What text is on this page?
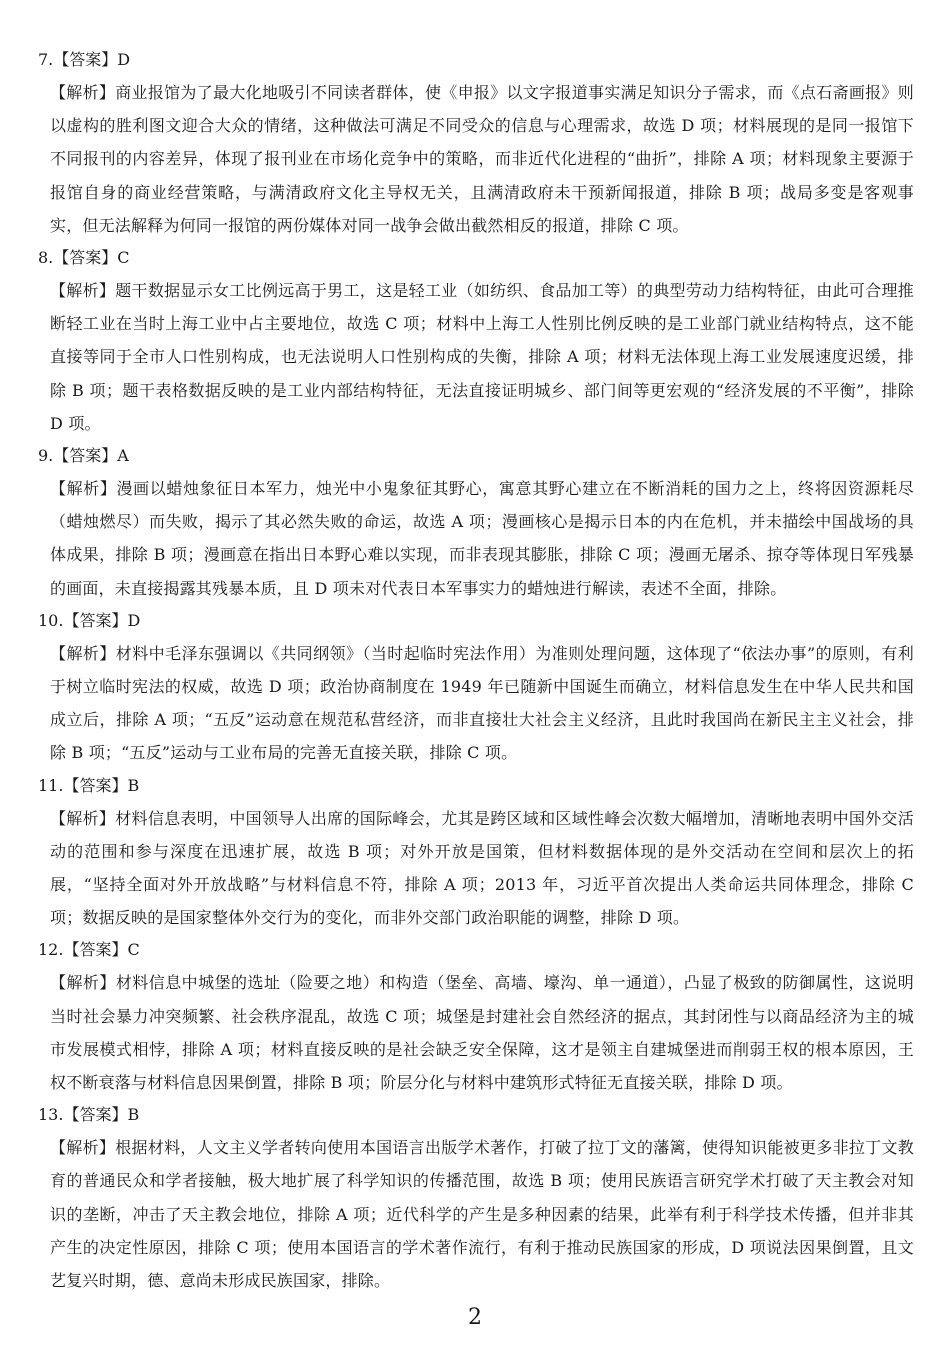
7.【答案】D

【解析】商业报馆为了最大化地吸引不同读者群体，使《申报》以文字报道事实满足知识分子需求，而《点石斋画报》则以虚构的胜利图文迎合大众的情绪，这种做法可满足不同受众的信息与心理需求，故选 D 项；材料展现的是同一报馆下不同报刊的内容差异，体现了报刊业在市场化竞争中的策略，而非近代化进程的“曲折”，排除 A 项；材料现象主要源于报馆自身的商业经营策略，与满清政府文化主导权无关，且满清政府未干预新闻报道，排除 B 项；战局多变是客观事实，但无法解释为何同一报馆的两份媒体对同一战争会做出截然相反的报道，排除 C 项。

8.【答案】C

【解析】题干数据显示女工比例远高于男工，这是轻工业（如纺织、食品加工等）的典型劳动力结构特征，由此可合理推断轻工业在当时上海工业中占主要地位，故选 C 项；材料中上海工人性别比例反映的是工业部门就业结构特点，这不能直接等同于全市人口性别构成，也无法说明人口性别构成的失衡，排除 A 项；材料无法体现上海工业发展速度迟缓，排除 B 项；题干表格数据反映的是工业内部结构特征，无法直接证明城乡、部门间等更宏观的“经济发展的不平衡”，排除 D 项。

9.【答案】A

【解析】漫画以蜡烛象征日本军力，烛光中小鬼象征其野心，寓意其野心建立在不断消耗的国力之上，终将因资源耗尽（蜡烛燃尽）而失败，揭示了其必然失败的命运，故选 A 项；漫画核心是揭示日本的内在危机，并未描绘中国战场的具体成果，排除 B 项；漫画意在指出日本野心难以实现，而非表现其膨胀，排除 C 项；漫画无屠杀、掠夺等体现日军残暴的画面，未直接揭露其残暴本质，且 D 项未对代表日本军事实力的蜡烛进行解读，表述不全面，排除。

10.【答案】D

【解析】材料中毛泽东强调以《共同纲领》（当时起临时宪法作用）为准则处理问题，这体现了“依法办事”的原则，有利于树立临时宪法的权威，故选 D 项；政治协商制度在 1949 年已随新中国诞生而确立，材料信息发生在中华人民共和国成立后，排除 A 项；“五反”运动意在规范私营经济，而非直接壮大社会主义经济，且此时我国尚在新民主主义社会，排除 B 项；“五反”运动与工业布局的完善无直接关联，排除 C 项。

11.【答案】B

【解析】材料信息表明，中国领导人出席的国际峰会，尤其是跨区域和区域性峰会次数大幅增加，清晰地表明中国外交活动的范围和参与深度在迅速扩展，故选 B 项；对外开放是国策，但材料数据体现的是外交活动在空间和层次上的拓展，“坚持全面对外开放战略”与材料信息不符，排除 A 项；2013 年，习近平首次提出人类命运共同体理念，排除 C 项；数据反映的是国家整体外交行为的变化，而非外交部门政治职能的调整，排除 D 项。

12.【答案】C

【解析】材料信息中城堡的选址（险要之地）和构造（堡垒、高墙、壕沟、单一通道），凸显了极致的防御属性，这说明当时社会暴力冲突频繁、社会秩序混乱，故选 C 项；城堡是封建社会自然经济的据点，其封闭性与以商品经济为主的城市发展模式相悖，排除 A 项；材料直接反映的是社会缺乏安全保障，这才是领主自建城堡进而削弱王权的根本原因，王权不断衰落与材料信息因果倒置，排除 B 项；阶层分化与材料中建筑形式特征无直接关联，排除 D 项。

13.【答案】B

【解析】根据材料，人文主义学者转向使用本国语言出版学术著作，打破了拉丁文的藩篱，使得知识能被更多非拉丁文教育的普通民众和学者接触，极大地扩展了科学知识的传播范围，故选 B 项；使用民族语言研究学术打破了天主教会对知识的垄断，冲击了天主教会地位，排除 A 项；近代科学的产生是多种因素的结果，此举有利于科学技术传播，但并非其产生的决定性原因，排除 C 项；使用本国语言的学术著作流行，有利于推动民族国家的形成，D 项说法因果倒置，且文艺复兴时期，德、意尚未形成民族国家，排除。

2
